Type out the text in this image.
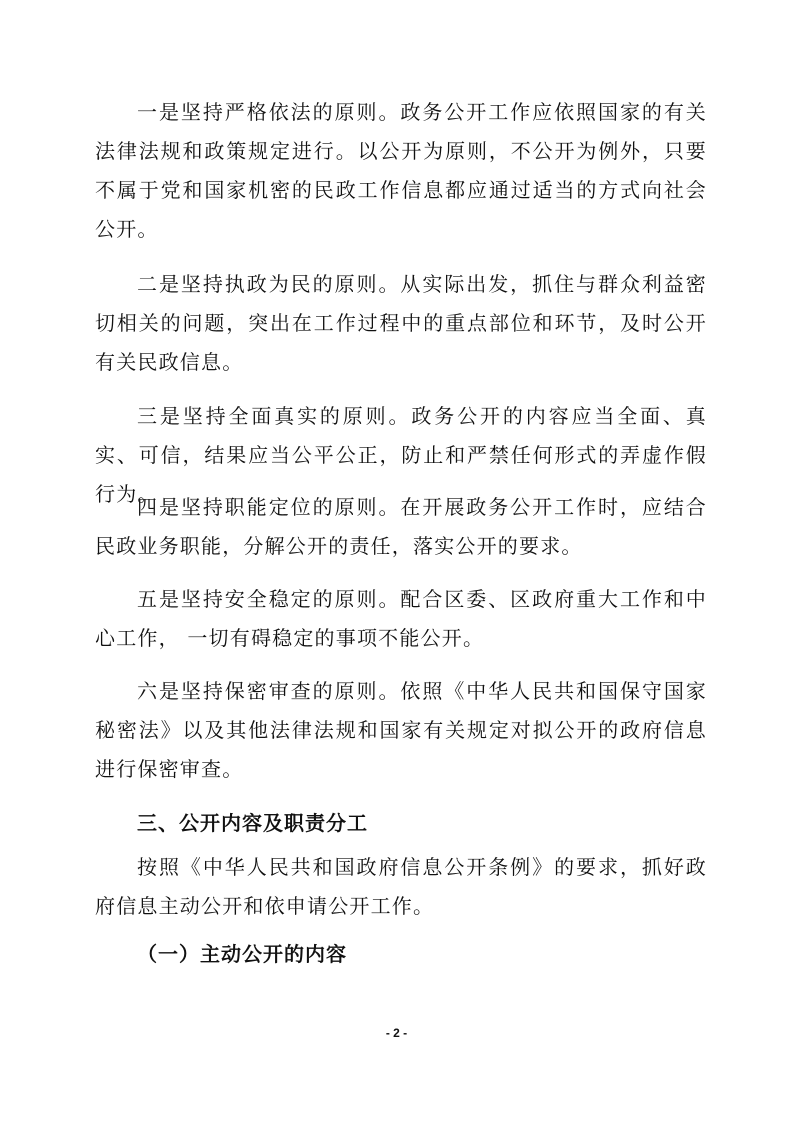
一是坚持严格依法的原则。政务公开工作应依照国家的有关法律法规和政策规定进行。以公开为原则，不公开为例外，只要不属于党和国家机密的民政工作信息都应通过适当的方式向社会公开。

二是坚持执政为民的原则。从实际出发，抓住与群众利益密切相关的问题，突出在工作过程中的重点部位和环节，及时公开有关民政信息。

三是坚持全面真实的原则。政务公开的内容应当全面、真实、可信，结果应当公平公正，防止和严禁任何形式的弄虚作假行为。

四是坚持职能定位的原则。在开展政务公开工作时，应结合民政业务职能，分解公开的责任，落实公开的要求。

五是坚持安全稳定的原则。配合区委、区政府重大工作和中心工作， 一切有碍稳定的事项不能公开。

六是坚持保密审查的原则。依照《中华人民共和国保守国家秘密法》以及其他法律法规和国家有关规定对拟公开的政府信息进行保密审查。

三、公开内容及职责分工

按照《中华人民共和国政府信息公开条例》的要求，抓好政府信息主动公开和依申请公开工作。

（一）主动公开的内容
- 2 -
